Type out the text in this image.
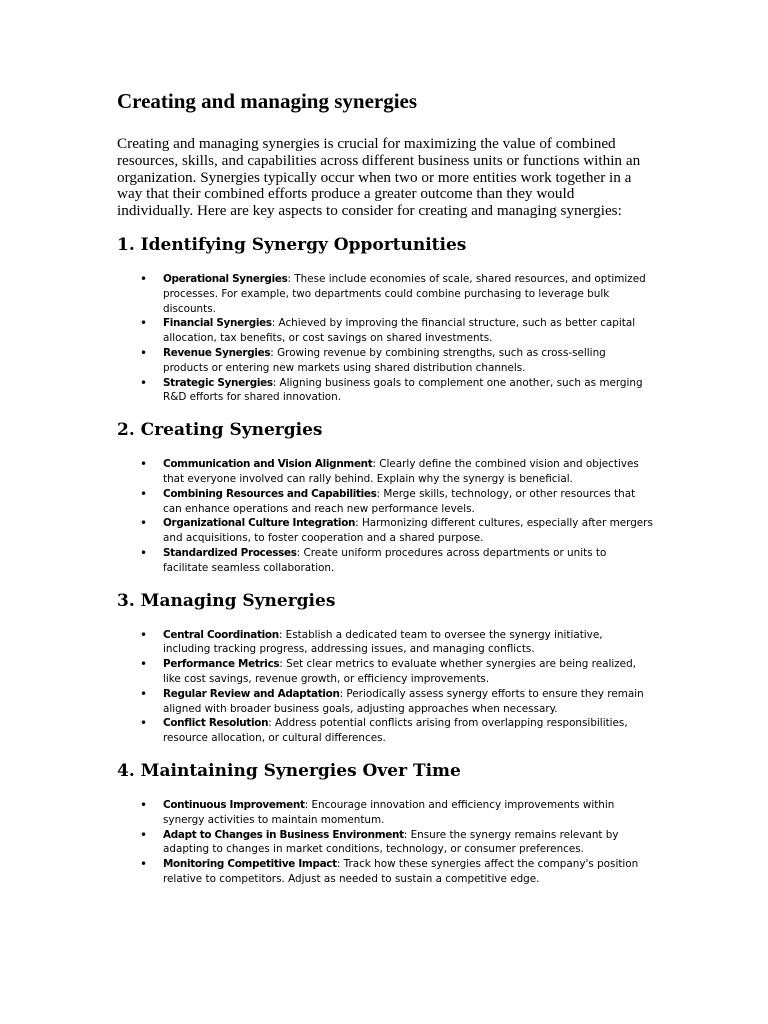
Creating and managing synergies

Creating and managing synergies is crucial for maximizing the value of combined resources, skills, and capabilities across different business units or functions within an organization. Synergies typically occur when two or more entities work together in a way that their combined efforts produce a greater outcome than they would individually. Here are key aspects to consider for creating and managing synergies:

1. Identifying Synergy Opportunities
• Operational Synergies: These include economies of scale, shared resources, and optimized processes. For example, two departments could combine purchasing to leverage bulk discounts.
• Financial Synergies: Achieved by improving the financial structure, such as better capital allocation, tax benefits, or cost savings on shared investments.
• Revenue Synergies: Growing revenue by combining strengths, such as cross-selling products or entering new markets using shared distribution channels.
• Strategic Synergies: Aligning business goals to complement one another, such as merging R&D efforts for shared innovation.
2. Creating Synergies
• Communication and Vision Alignment: Clearly define the combined vision and objectives that everyone involved can rally behind. Explain why the synergy is beneficial.
• Combining Resources and Capabilities: Merge skills, technology, or other resources that can enhance operations and reach new performance levels.
• Organizational Culture Integration: Harmonizing different cultures, especially after mergers and acquisitions, to foster cooperation and a shared purpose.
• Standardized Processes: Create uniform procedures across departments or units to facilitate seamless collaboration.
3. Managing Synergies
• Central Coordination: Establish a dedicated team to oversee the synergy initiative, including tracking progress, addressing issues, and managing conflicts.
• Performance Metrics: Set clear metrics to evaluate whether synergies are being realized, like cost savings, revenue growth, or efficiency improvements.
• Regular Review and Adaptation: Periodically assess synergy efforts to ensure they remain aligned with broader business goals, adjusting approaches when necessary.
• Conflict Resolution: Address potential conflicts arising from overlapping responsibilities, resource allocation, or cultural differences.
4. Maintaining Synergies Over Time
• Continuous Improvement: Encourage innovation and efficiency improvements within synergy activities to maintain momentum.
• Adapt to Changes in Business Environment: Ensure the synergy remains relevant by adapting to changes in market conditions, technology, or consumer preferences.
• Monitoring Competitive Impact: Track how these synergies affect the company's position relative to competitors. Adjust as needed to sustain a competitive edge.
